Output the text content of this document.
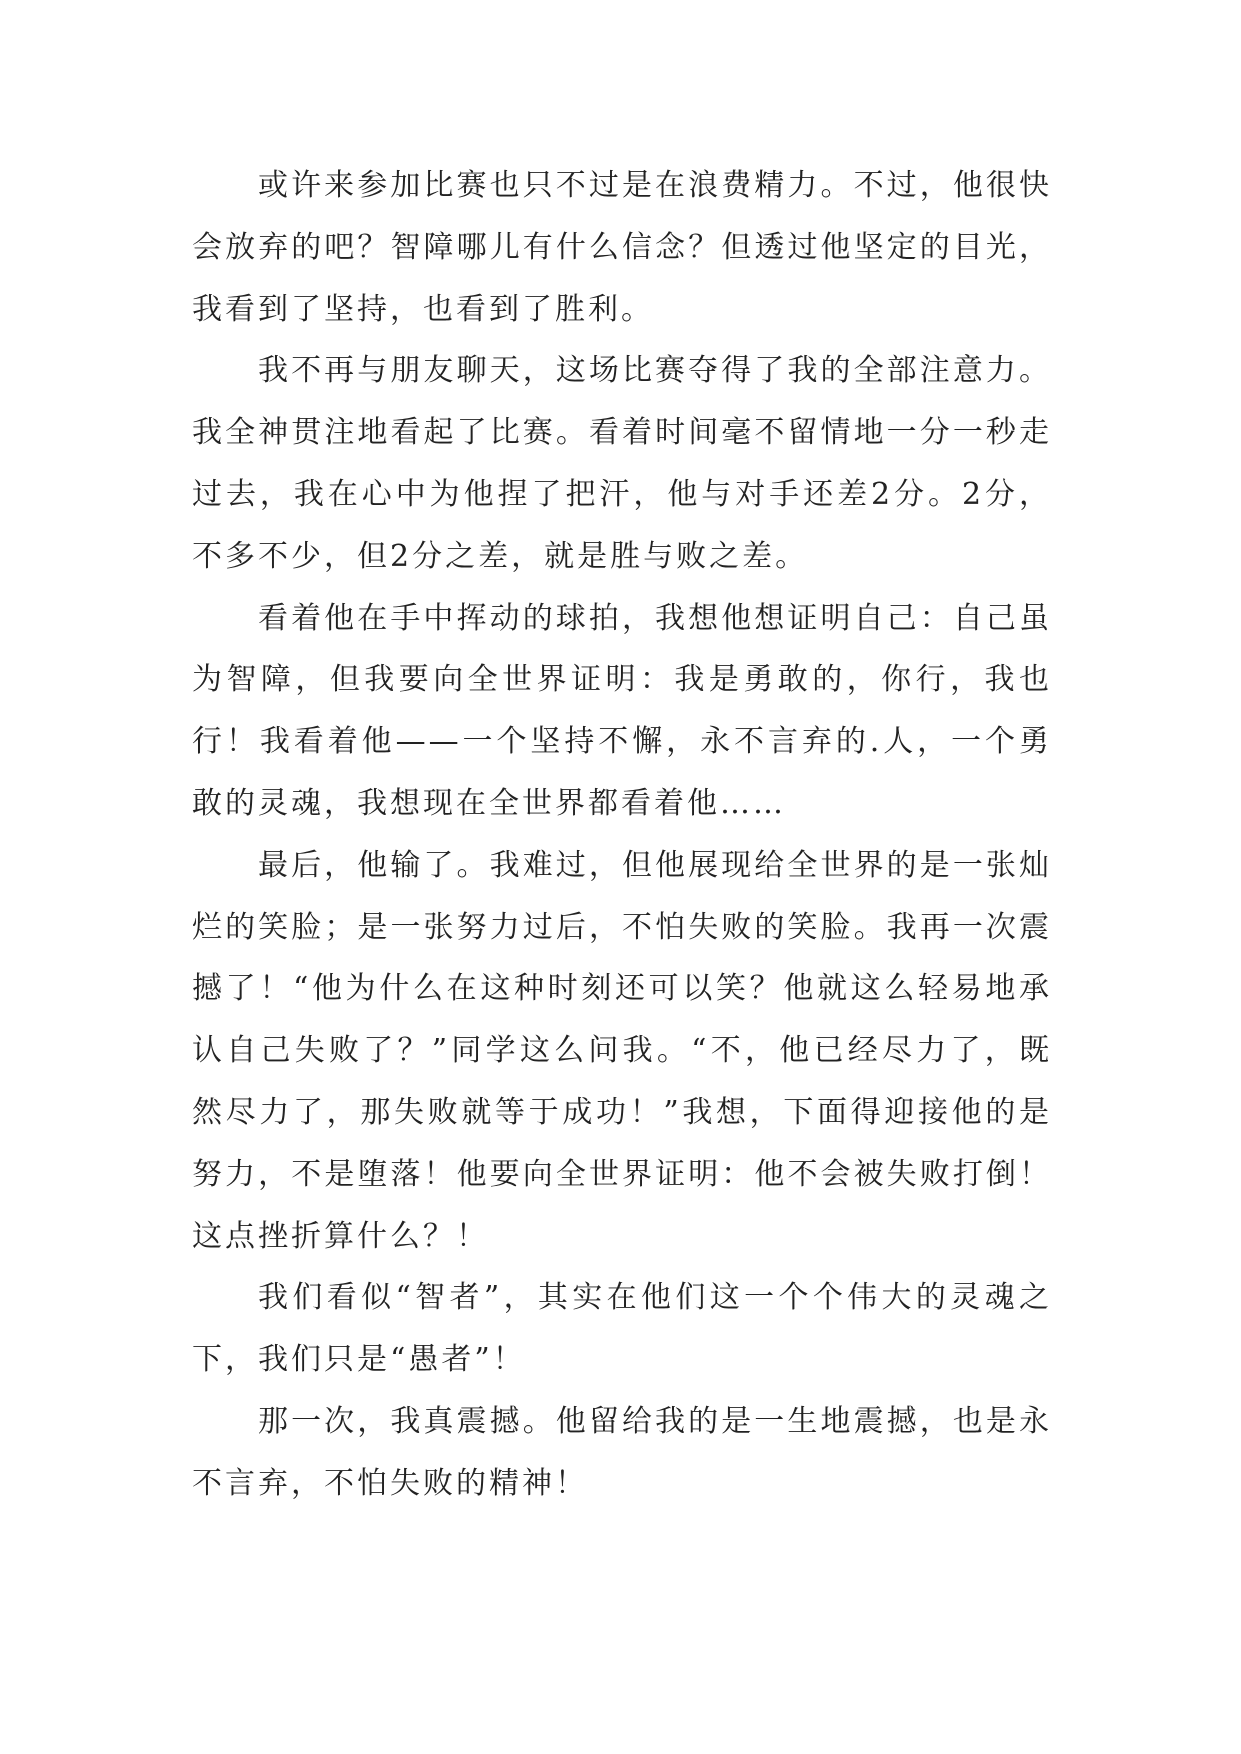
或许来参加比赛也只不过是在浪费精力。不过，他很快会放弃的吧？智障哪儿有什么信念？但透过他坚定的目光，我看到了坚持，也看到了胜利。

我不再与朋友聊天，这场比赛夺得了我的全部注意力。我全神贯注地看起了比赛。看着时间毫不留情地一分一秒走过去，我在心中为他捏了把汗，他与对手还差2分。2分，不多不少，但2分之差，就是胜与败之差。

看着他在手中挥动的球拍，我想他想证明自己：自己虽为智障，但我要向全世界证明：我是勇敢的，你行，我也行！我看着他——一个坚持不懈，永不言弃的.人，一个勇敢的灵魂，我想现在全世界都看着他……

最后，他输了。我难过，但他展现给全世界的是一张灿烂的笑脸；是一张努力过后，不怕失败的笑脸。我再一次震撼了！“他为什么在这种时刻还可以笑？他就这么轻易地承认自己失败了？”同学这么问我。“不，他已经尽力了，既然尽力了，那失败就等于成功！”我想，下面得迎接他的是努力，不是堕落！他要向全世界证明：他不会被失败打倒！这点挫折算什么？！

我们看似“智者”，其实在他们这一个个伟大的灵魂之下，我们只是“愚者”！

那一次，我真震撼。他留给我的是一生地震撼，也是永不言弃，不怕失败的精神！
